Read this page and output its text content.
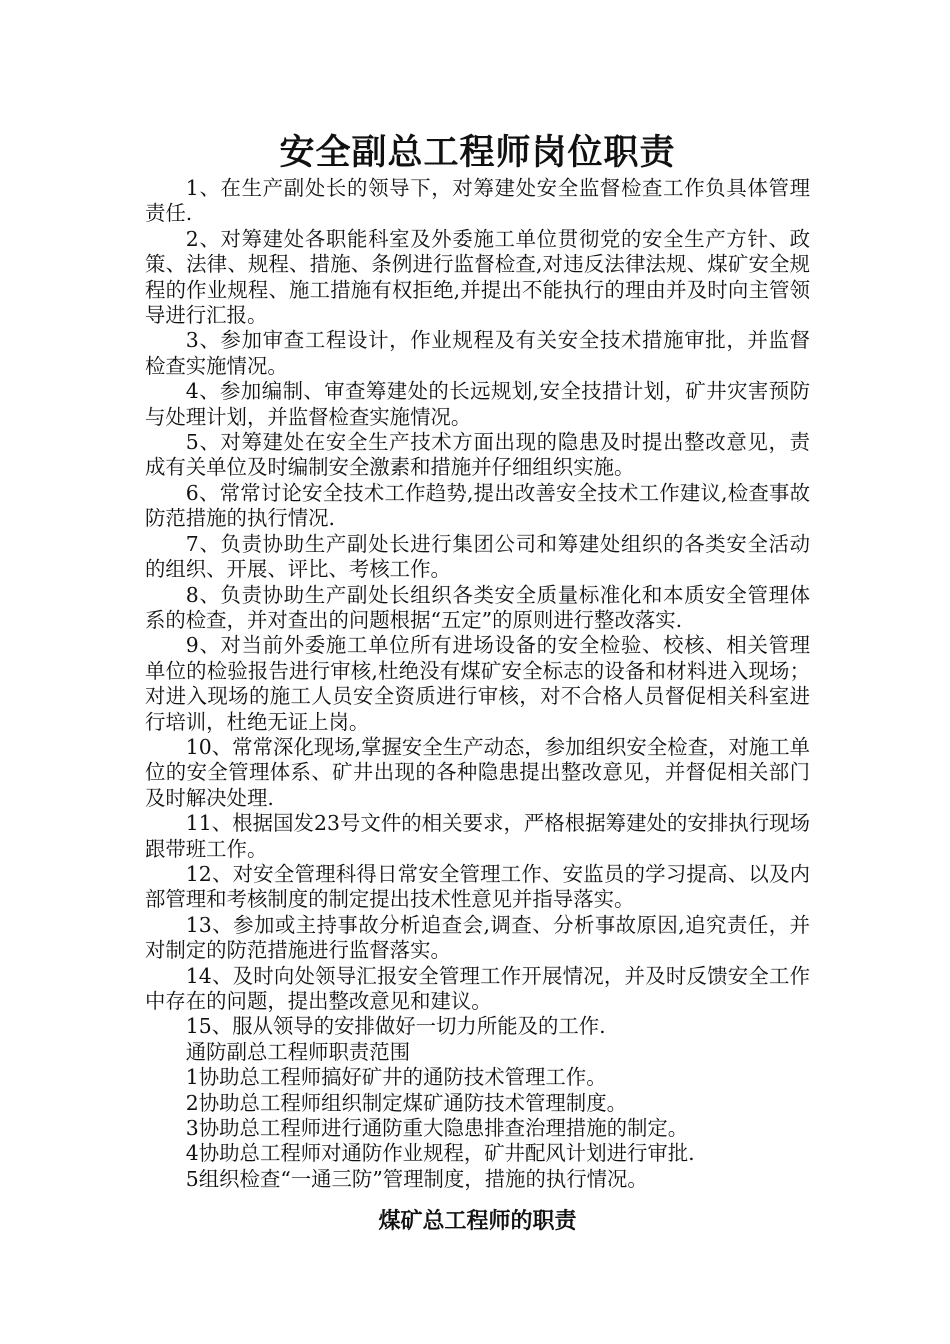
安全副总工程师岗位职责

1、在生产副处长的领导下，对筹建处安全监督检查工作负具体管理责任.

2、对筹建处各职能科室及外委施工单位贯彻党的安全生产方针、政策、法律、规程、措施、条例进行监督检查,对违反法律法规、煤矿安全规程的作业规程、施工措施有权拒绝,并提出不能执行的理由并及时向主管领导进行汇报。

3、参加审查工程设计，作业规程及有关安全技术措施审批，并监督检查实施情况。

4、参加编制、审查筹建处的长远规划,安全技措计划，矿井灾害预防与处理计划，并监督检查实施情况。

5、对筹建处在安全生产技术方面出现的隐患及时提出整改意见，责成有关单位及时编制安全激素和措施并仔细组织实施。

6、常常讨论安全技术工作趋势,提出改善安全技术工作建议,检查事故防范措施的执行情况.

7、负责协助生产副处长进行集团公司和筹建处组织的各类安全活动的组织、开展、评比、考核工作。

8、负责协助生产副处长组织各类安全质量标准化和本质安全管理体系的检查，并对查出的问题根据“五定”的原则进行整改落实.

9、对当前外委施工单位所有进场设备的安全检验、校核、相关管理单位的检验报告进行审核,杜绝没有煤矿安全标志的设备和材料进入现场；对进入现场的施工人员安全资质进行审核，对不合格人员督促相关科室进行培训，杜绝无证上岗。

10、常常深化现场,掌握安全生产动态，参加组织安全检查，对施工单位的安全管理体系、矿井出现的各种隐患提出整改意见，并督促相关部门及时解决处理.

11、根据国发23号文件的相关要求，严格根据筹建处的安排执行现场跟带班工作。

12、对安全管理科得日常安全管理工作、安监员的学习提高、以及内部管理和考核制度的制定提出技术性意见并指导落实。

13、参加或主持事故分析追查会,调查、分析事故原因,追究责任，并对制定的防范措施进行监督落实。

14、及时向处领导汇报安全管理工作开展情况，并及时反馈安全工作中存在的问题，提出整改意见和建议。

15、服从领导的安排做好一切力所能及的工作.

通防副总工程师职责范围

1协助总工程师搞好矿井的通防技术管理工作。

2协助总工程师组织制定煤矿通防技术管理制度。

3协助总工程师进行通防重大隐患排查治理措施的制定。

4协助总工程师对通防作业规程，矿井配风计划进行审批.

5组织检查“一通三防”管理制度，措施的执行情况。

煤矿总工程师的职责
